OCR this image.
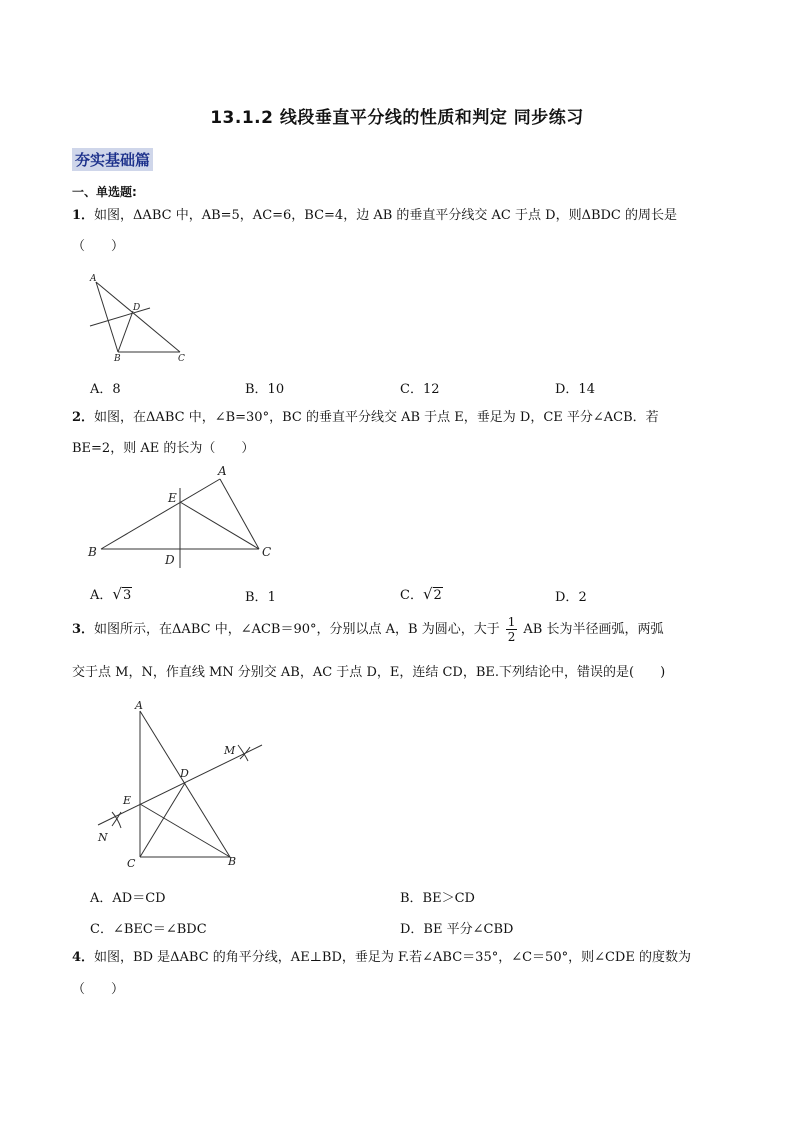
13.1.2 线段垂直平分线的性质和判定 同步练习
夯实基础篇
一、单选题:
1．如图，ΔABC 中，AB=5，AC=6，BC=4，边 AB 的垂直平分线交 AC 于点 D，则ΔBDC 的周长是
（　　）
A
D
B	C
A．8	B．10	C．12	D．14
2．如图，在ΔABC 中，∠B=30°，BC 的垂直平分线交 AB 于点 E，垂足为 D，CE 平分∠ACB．若
BE=2，则 AE 的长为（　　）
A
E
B
D
C
A．√3	B．1	C．√2	D．2
3．如图所示，在ΔABC 中，∠ACB＝90°，分别以点 A，B 为圆心，大于 $\frac{1}{2}$ AB 长为半径画弧，两弧
交于点 M，N，作直线 MN 分别交 AB，AC 于点 D，E，连结 CD，BE.下列结论中，错误的是(　　)
A
M
D
N
E
C	B
A．AD＝CD	B．BE＞CD
C．∠BEC＝∠BDC	D．BE 平分∠CBD
4．如图，BD 是ΔABC 的角平分线，AE⊥BD，垂足为 F.若∠ABC＝35°，∠C＝50°，则∠CDE 的度数为
（　　）
